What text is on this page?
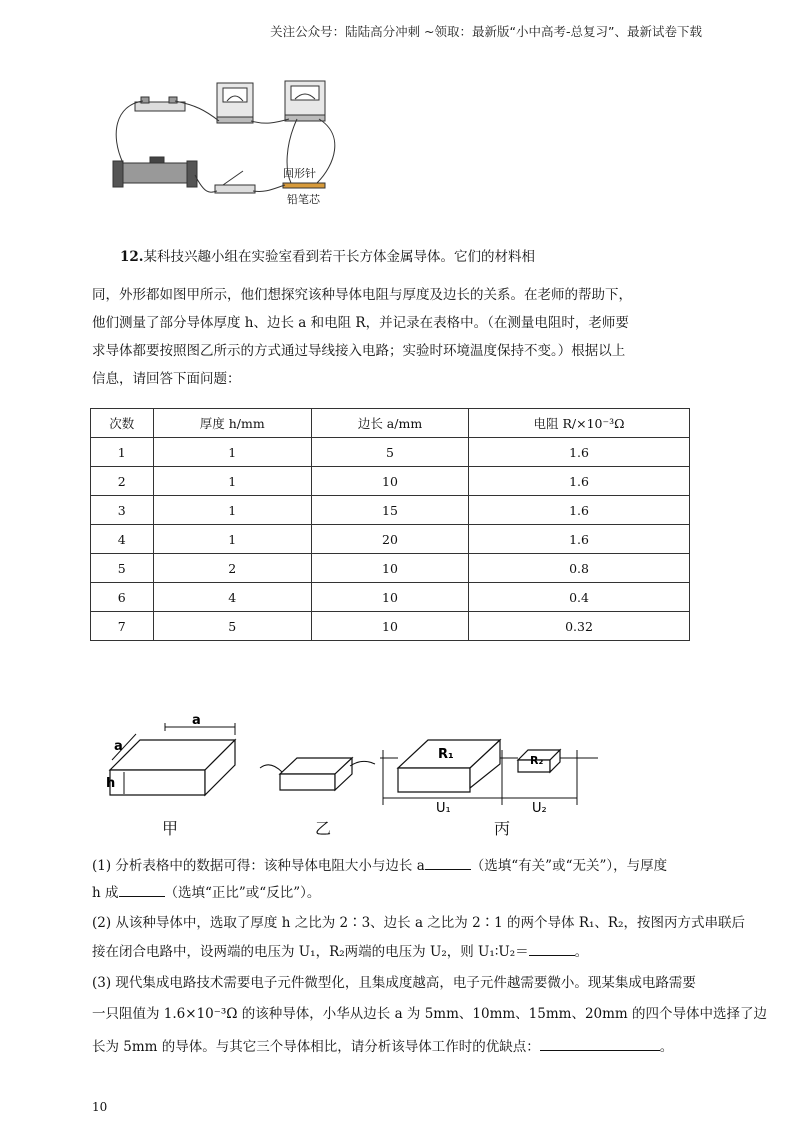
关注公众号：陆陆高分冲刺 ~领取：最新版“小中高考-总复习”、最新试卷下载
回形针
铅笔芯
12.某科技兴趣小组在实验室看到若干长方体金属导体。它们的材料相
同，外形都如图甲所示，他们想探究该种导体电阻与厚度及边长的关系。在老师的帮助下，
他们测量了部分导体厚度 h、边长 a 和电阻 R，并记录在表格中。（在测量电阻时，老师要
求导体都要按照图乙所示的方式通过导线接入电路；实验时环境温度保持不变。）根据以上
信息，请回答下面问题：
次数	厚度 h/mm	边长 a/mm	电阻 R/×10⁻³Ω
1	1	5	1.6
2	1	10	1.6
3	1	15	1.6
4	1	20	1.6
5	2	10	0.8
6	4	10	0.4
7	5	10	0.32
a
a
h
R₁	R₂
U₁	U₂
甲	乙	丙
(1) 分析表格中的数据可得：该种导体电阻大小与边长 a	（选填“有关”或“无关”），与厚度
h 成	（选填“正比”或“反比”）。
(2) 从该种导体中，选取了厚度 h 之比为 2∶3、边长 a 之比为 2∶1 的两个导体 R₁、R₂，按图丙方式串联后
接在闭合电路中，设两端的电压为 U₁，R₂两端的电压为 U₂，则 U₁∶U₂＝	。
(3) 现代集成电路技术需要电子元件微型化，且集成度越高，电子元件越需要微小。现某集成电路需要
一只阻值为 1.6×10⁻³Ω 的该种导体，小华从边长 a 为 5mm、10mm、15mm、20mm 的四个导体中选择了边
长为 5mm 的导体。与其它三个导体相比，请分析该导体工作时的优缺点：	。
10
